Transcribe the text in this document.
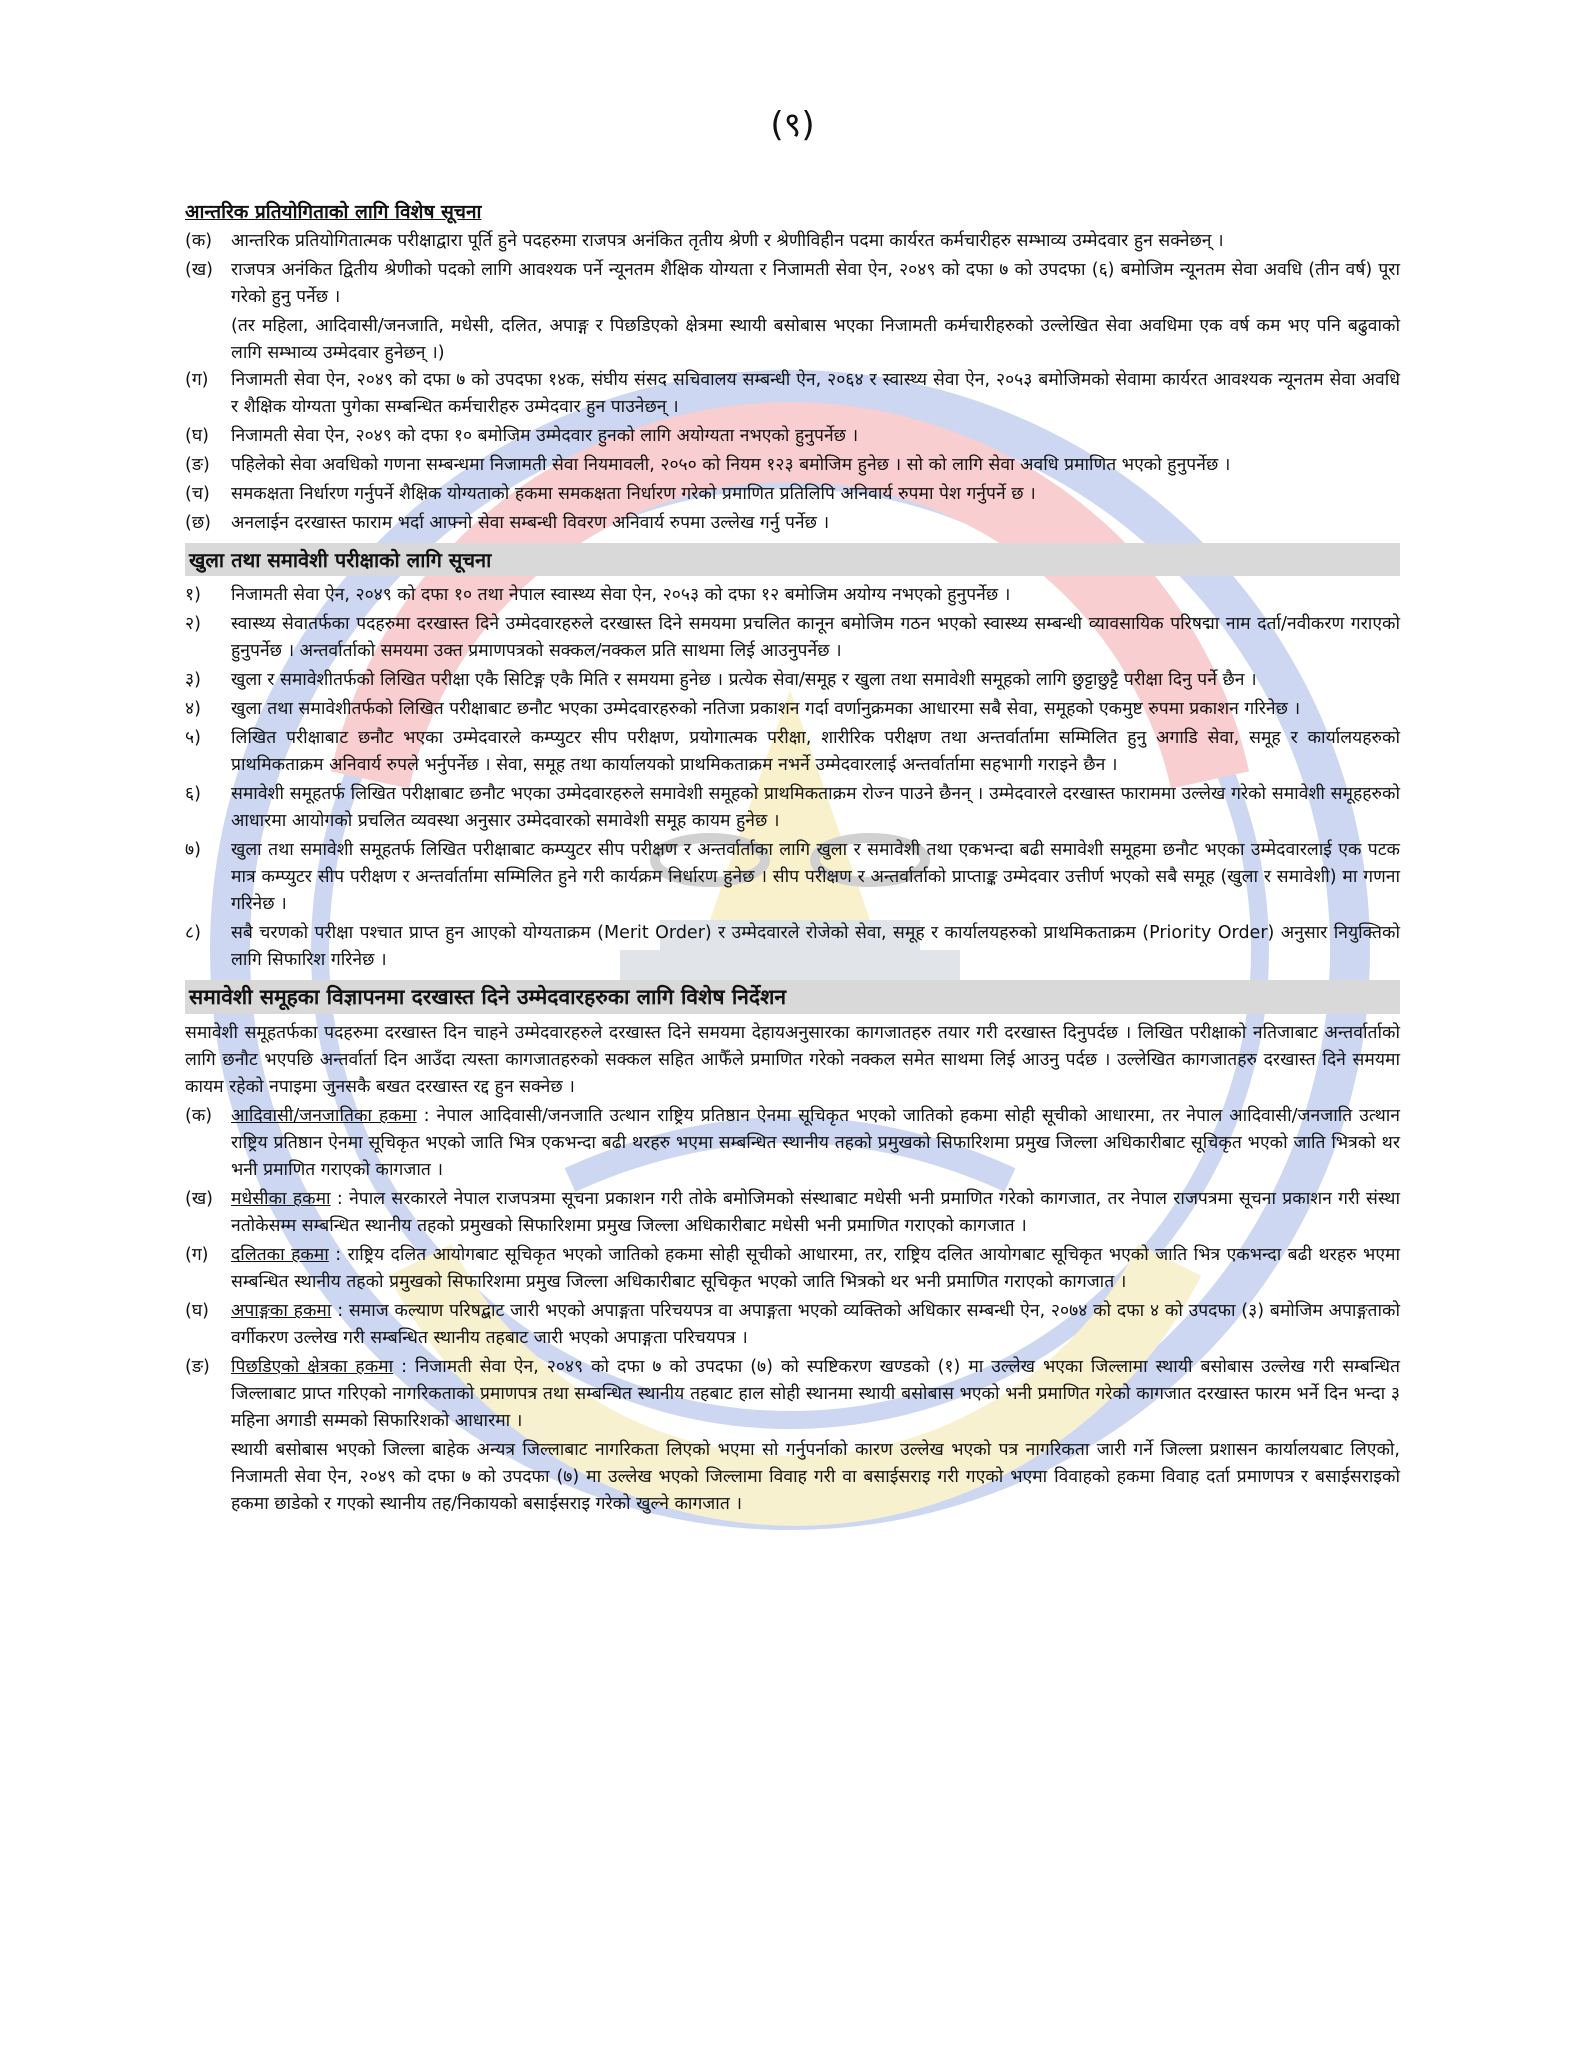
(९)
आन्तरिक प्रतियोगिताको लागि विशेष सूचना
(क)	आन्तरिक प्रतियोगितात्मक परीक्षाद्वारा पूर्ति हुने पदहरुमा राजपत्र अनंकित तृतीय श्रेणी र श्रेणीविहीन पदमा कार्यरत कर्मचारीहरु सम्भाव्य उम्मेदवार हुन सक्नेछन् ।
(ख)	राजपत्र अनंकित द्वितीय श्रेणीको पदको लागि आवश्यक पर्ने न्यूनतम शैक्षिक योग्यता र निजामती सेवा ऐन, २०४९ को दफा ७ को उपदफा (६) बमोजिम न्यूनतम सेवा अवधि (तीन वर्ष) पूरा गरेको हुनु पर्नेछ ।
(तर महिला, आदिवासी/जनजाति, मधेसी, दलित, अपाङ्ग र पिछडिएको क्षेत्रमा स्थायी बसोबास भएका निजामती कर्मचारीहरुको उल्लेखित सेवा अवधिमा एक वर्ष कम भए पनि बढुवाको लागि सम्भाव्य उम्मेदवार हुनेछन् ।)
(ग)	निजामती सेवा ऐन, २०४९ को दफा ७ को उपदफा १४क, संघीय संसद सचिवालय सम्बन्धी ऐन, २०६४ र स्वास्थ्य सेवा ऐन, २०५३ बमोजिमको सेवामा कार्यरत आवश्यक न्यूनतम सेवा अवधि र शैक्षिक योग्यता पुगेका सम्बन्धित कर्मचारीहरु उम्मेदवार हुन पाउनेछन् ।
(घ)	निजामती सेवा ऐन, २०४९ को दफा १० बमोजिम उम्मेदवार हुनको लागि अयोग्यता नभएको हुनुपर्नेछ ।
(ङ)	पहिलेको सेवा अवधिको गणना सम्बन्धमा निजामती सेवा नियमावली, २०५० को नियम १२३ बमोजिम हुनेछ । सो को लागि सेवा अवधि प्रमाणित भएको हुनुपर्नेछ ।
(च)	समकक्षता निर्धारण गर्नुपर्ने शैक्षिक योग्यताको हकमा समकक्षता निर्धारण गरेको प्रमाणित प्रतिलिपि अनिवार्य रुपमा पेश गर्नुपर्ने छ ।
(छ)	अनलाईन दरखास्त फाराम भर्दा आफ्नो सेवा सम्बन्धी विवरण अनिवार्य रुपमा उल्लेख गर्नु पर्नेछ ।
खुला तथा समावेशी परीक्षाको लागि सूचना
१)	निजामती सेवा ऐन, २०४९ को दफा १० तथा नेपाल स्वास्थ्य सेवा ऐन, २०५३ को दफा १२ बमोजिम अयोग्य नभएको हुनुपर्नेछ ।
२)	स्वास्थ्य सेवातर्फका पदहरुमा दरखास्त दिने उम्मेदवारहरुले दरखास्त दिने समयमा प्रचलित कानून बमोजिम गठन भएको स्वास्थ्य सम्बन्धी व्यावसायिक परिषद्मा नाम दर्ता/नवीकरण गराएको हुनुपर्नेछ । अन्तर्वार्ताको समयमा उक्त प्रमाणपत्रको सक्कल/नक्कल प्रति साथमा लिई आउनुपर्नेछ ।
३)	खुला र समावेशीतर्फको लिखित परीक्षा एकै सिटिङ्ग एकै मिति र समयमा हुनेछ । प्रत्येक सेवा/समूह र खुला तथा समावेशी समूहको लागि छुट्टाछुट्टै परीक्षा दिनु पर्ने छैन ।
४)	खुला तथा समावेशीतर्फको लिखित परीक्षाबाट छनौट भएका उम्मेदवारहरुको नतिजा प्रकाशन गर्दा वर्णानुक्रमका आधारमा सबै सेवा, समूहको एकमुष्ट रुपमा प्रकाशन गरिनेछ ।
५)	लिखित परीक्षाबाट छनौट भएका उम्मेदवारले कम्प्युटर सीप परीक्षण, प्रयोगात्मक परीक्षा, शारीरिक परीक्षण तथा अन्तर्वार्तामा सम्मिलित हुनु अगाडि सेवा, समूह र कार्यालयहरुको प्राथमिकताक्रम अनिवार्य रुपले भर्नुपर्नेछ । सेवा, समूह तथा कार्यालयको प्राथमिकताक्रम नभर्ने उम्मेदवारलाई अन्तर्वार्तामा सहभागी गराइने छैन ।
६)	समावेशी समूहतर्फ लिखित परीक्षाबाट छनौट भएका उम्मेदवारहरुले समावेशी समूहको प्राथमिकताक्रम रोज्न पाउने छैनन् । उम्मेदवारले दरखास्त फाराममा उल्लेख गरेको समावेशी समूहहरुको आधारमा आयोगको प्रचलित व्यवस्था अनुसार उम्मेदवारको समावेशी समूह कायम हुनेछ ।
७)	खुला तथा समावेशी समूहतर्फ लिखित परीक्षाबाट कम्प्युटर सीप परीक्षण र अन्तर्वार्ताका लागि खुला र समावेशी तथा एकभन्दा बढी समावेशी समूहमा छनौट भएका उम्मेदवारलाई एक पटक मात्र कम्प्युटर सीप परीक्षण र अन्तर्वार्तामा सम्मिलित हुने गरी कार्यक्रम निर्धारण हुनेछ । सीप परीक्षण र अन्तर्वार्ताको प्राप्ताङ्क उम्मेदवार उत्तीर्ण भएको सबै समूह (खुला र समावेशी) मा गणना गरिनेछ ।
८)	सबै चरणको परीक्षा पश्चात प्राप्त हुन आएको योग्यताक्रम (Merit Order) र उम्मेदवारले रोजेको सेवा, समूह र कार्यालयहरुको प्राथमिकताक्रम (Priority Order) अनुसार नियुक्तिको लागि सिफारिश गरिनेछ ।
समावेशी समूहका विज्ञापनमा दरखास्त दिने उम्मेदवारहरुका लागि विशेष निर्देशन
समावेशी समूहतर्फका पदहरुमा दरखास्त दिन चाहने उम्मेदवारहरुले दरखास्त दिने समयमा देहायअनुसारका कागजातहरु तयार गरी दरखास्त दिनुपर्दछ । लिखित परीक्षाको नतिजाबाट अन्तर्वार्ताको लागि छनौट भएपछि अन्तर्वार्ता दिन आउँदा त्यस्ता कागजातहरुको सक्कल सहित आफैँले प्रमाणित गरेको नक्कल समेत साथमा लिई आउनु पर्दछ । उल्लेखित कागजातहरु दरखास्त दिने समयमा कायम रहेको नपाइमा जुनसकै बखत दरखास्त रद्द हुन सक्नेछ ।
(क)	आदिवासी/जनजातिका हकमा : नेपाल आदिवासी/जनजाति उत्थान राष्ट्रिय प्रतिष्ठान ऐनमा सूचिकृत भएको जातिको हकमा सोही सूचीको आधारमा, तर नेपाल आदिवासी/जनजाति उत्थान राष्ट्रिय प्रतिष्ठान ऐनमा सूचिकृत भएको जाति भित्र एकभन्दा बढी थरहरु भएमा सम्बन्धित स्थानीय तहको प्रमुखको सिफारिशमा प्रमुख जिल्ला अधिकारीबाट सूचिकृत भएको जाति भित्रको थर भनी प्रमाणित गराएको कागजात ।
(ख)	मधेसीका हकमा : नेपाल सरकारले नेपाल राजपत्रमा सूचना प्रकाशन गरी तोके बमोजिमको संस्थाबाट मधेसी भनी प्रमाणित गरेको कागजात, तर नेपाल राजपत्रमा सूचना प्रकाशन गरी संस्था नतोकेसम्म सम्बन्धित स्थानीय तहको प्रमुखको सिफारिशमा प्रमुख जिल्ला अधिकारीबाट मधेसी भनी प्रमाणित गराएको कागजात ।
(ग)	दलितका हकमा : राष्ट्रिय दलित आयोगबाट सूचिकृत भएको जातिको हकमा सोही सूचीको आधारमा, तर, राष्ट्रिय दलित आयोगबाट सूचिकृत भएको जाति भित्र एकभन्दा बढी थरहरु भएमा सम्बन्धित स्थानीय तहको प्रमुखको सिफारिशमा प्रमुख जिल्ला अधिकारीबाट सूचिकृत भएको जाति भित्रको थर भनी प्रमाणित गराएको कागजात ।
(घ)	अपाङ्गका हकमा : समाज कल्याण परिषद्बाट जारी भएको अपाङ्गता परिचयपत्र वा अपाङ्गता भएको व्यक्तिको अधिकार सम्बन्धी ऐन, २०७४ को दफा ४ को उपदफा (३) बमोजिम अपाङ्गताको वर्गीकरण उल्लेख गरी सम्बन्धित स्थानीय तहबाट जारी भएको अपाङ्गता परिचयपत्र ।
(ङ)	पिछडिएको क्षेत्रका हकमा : निजामती सेवा ऐन, २०४९ को दफा ७ को उपदफा (७) को स्पष्टिकरण खण्डको (१) मा उल्लेख भएका जिल्लामा स्थायी बसोबास उल्लेख गरी सम्बन्धित जिल्लाबाट प्राप्त गरिएको नागरिकताको प्रमाणपत्र तथा सम्बन्धित स्थानीय तहबाट हाल सोही स्थानमा स्थायी बसोबास भएको भनी प्रमाणित गरेको कागजात दरखास्त फारम भर्ने दिन भन्दा ३ महिना अगाडी सम्मको सिफारिशको आधारमा ।
स्थायी बसोबास भएको जिल्ला बाहेक अन्यत्र जिल्लाबाट नागरिकता लिएको भएमा सो गर्नुपर्नाको कारण उल्लेख भएको पत्र नागरिकता जारी गर्ने जिल्ला प्रशासन कार्यालयबाट लिएको, निजामती सेवा ऐन, २०४९ को दफा ७ को उपदफा (७) मा उल्लेख भएको जिल्लामा विवाह गरी वा बसाईसराइ गरी गएको भएमा विवाहको हकमा विवाह दर्ता प्रमाणपत्र र बसाईसराइको हकमा छाडेको र गएको स्थानीय तह/निकायको बसाईसराइ गरेको खुल्ने कागजात ।
